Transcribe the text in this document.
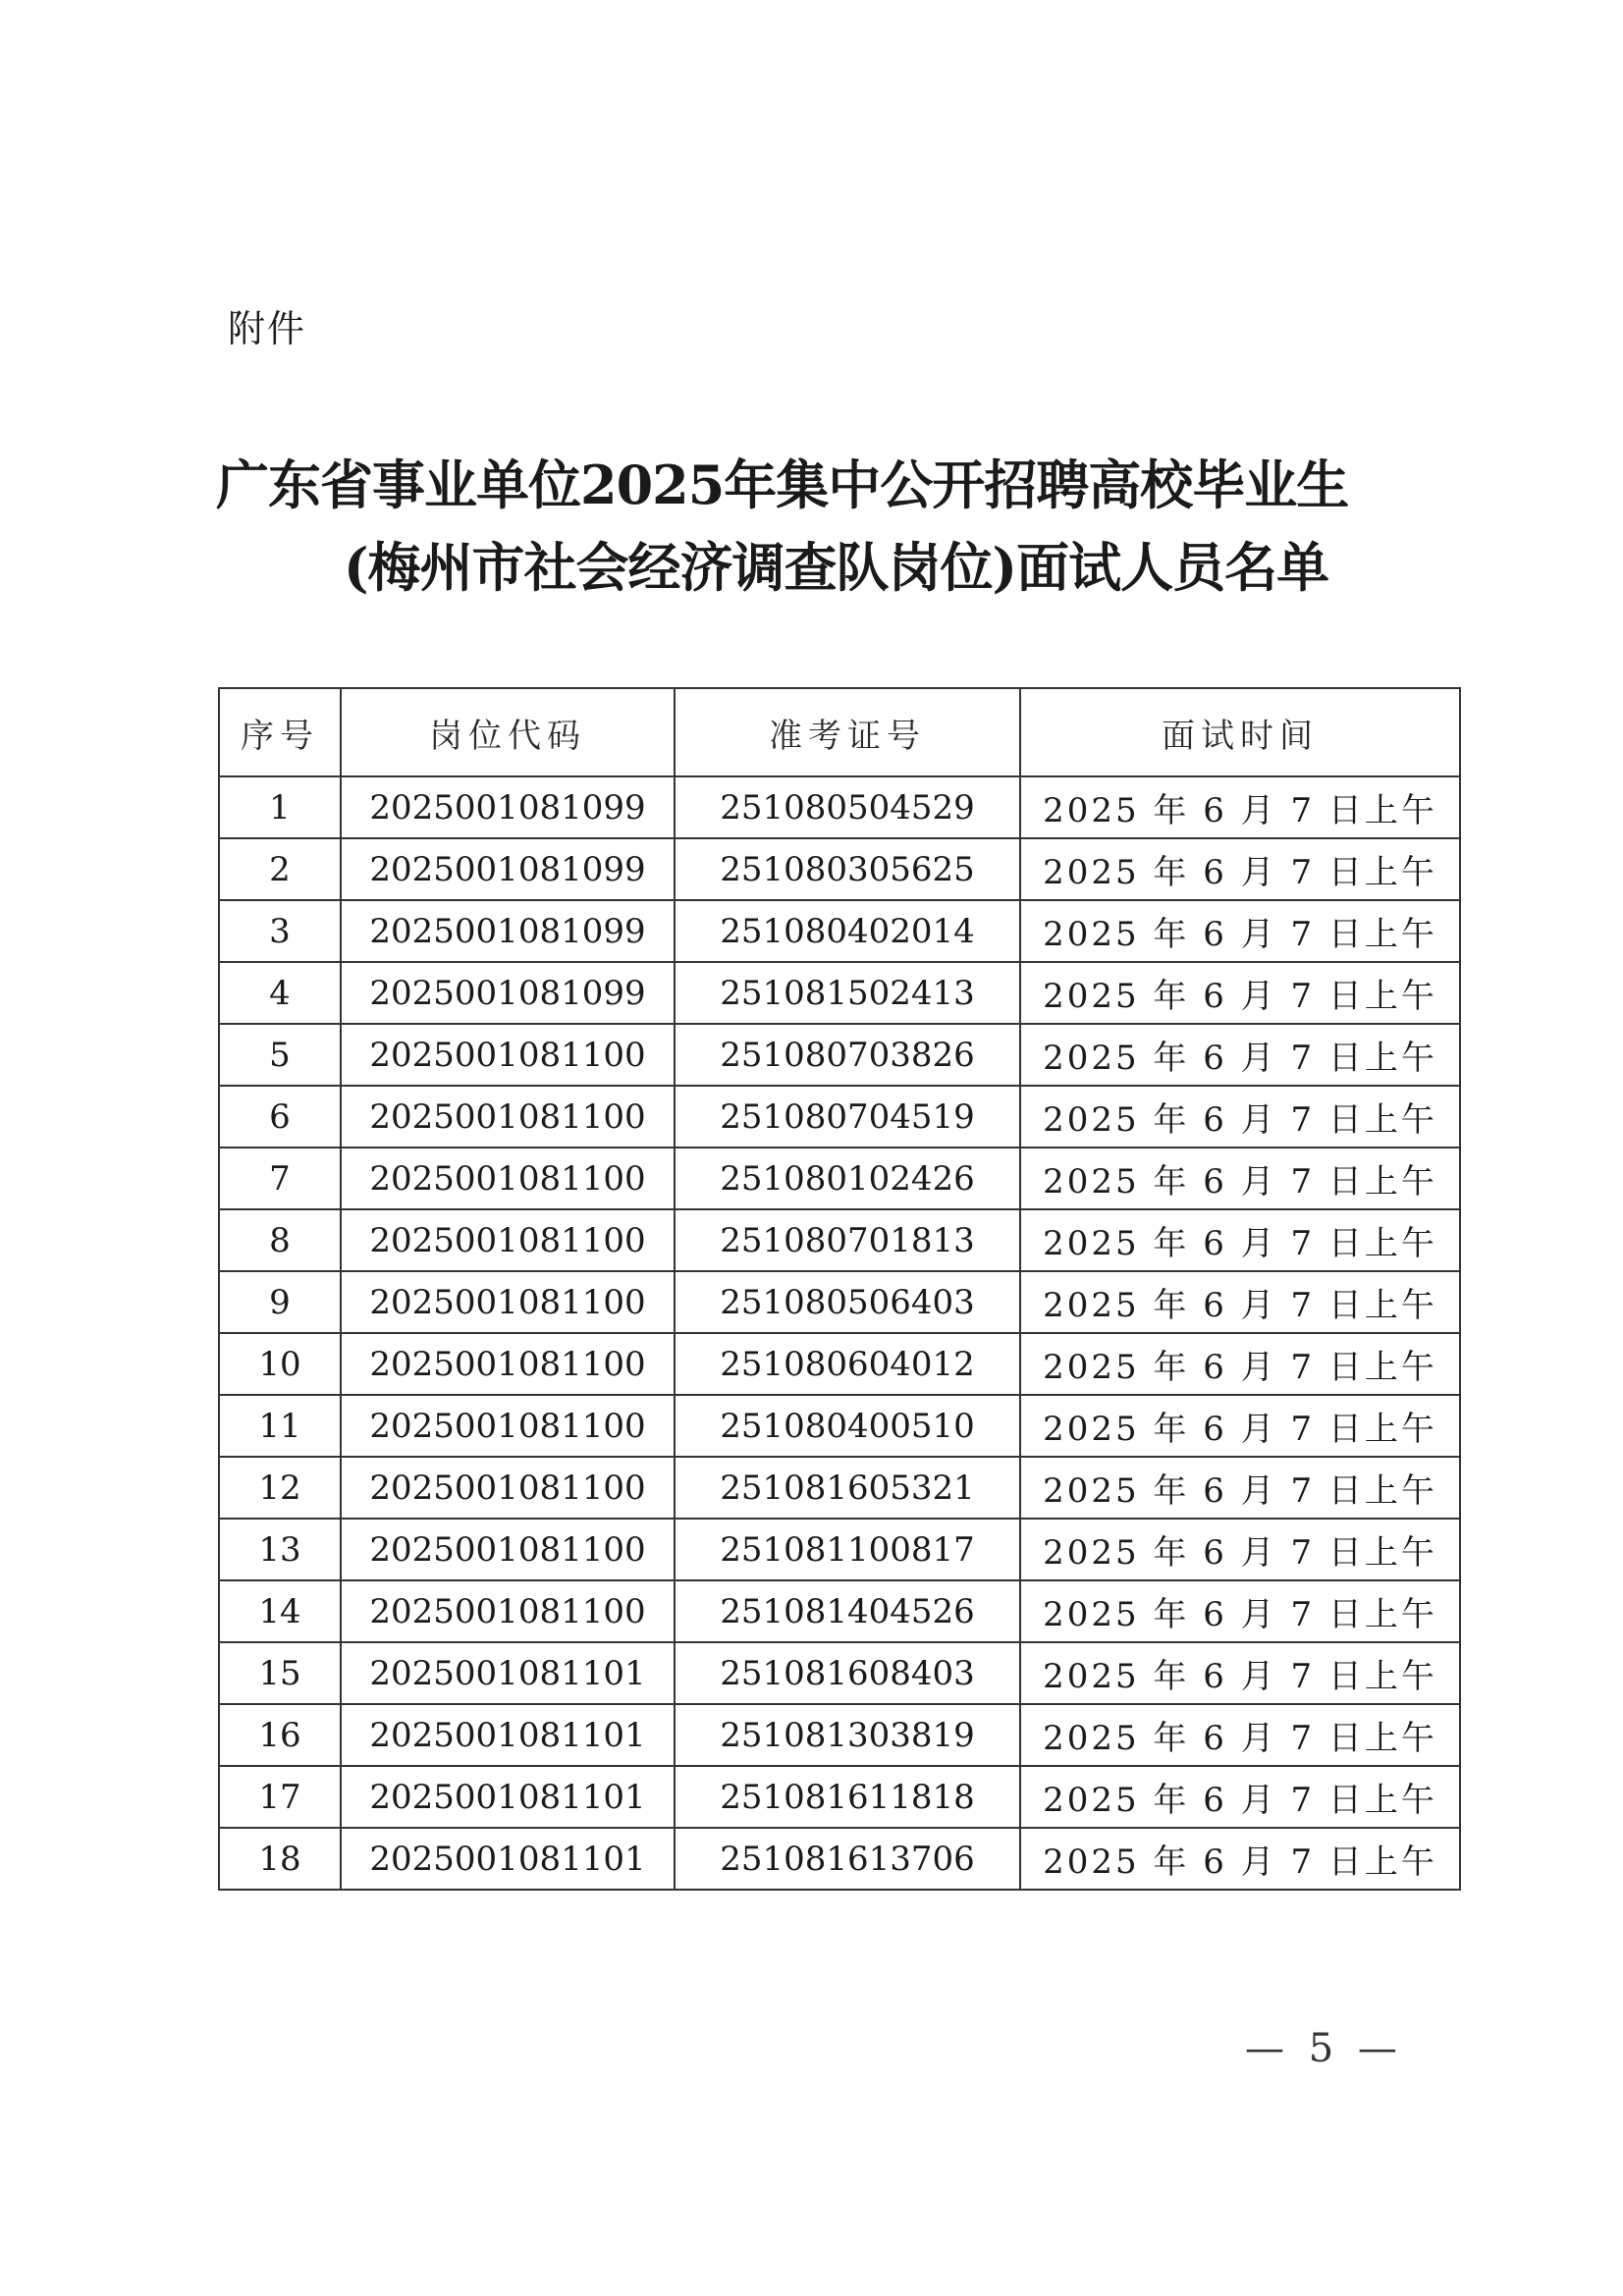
附件
广东省事业单位2025年集中公开招聘高校毕业生
(梅州市社会经济调查队岗位)面试人员名单
序号	岗位代码	准考证号	面试时间
1	2025001081099	251080504529	2025 年 6 月 7 日上午
2	2025001081099	251080305625	2025 年 6 月 7 日上午
3	2025001081099	251080402014	2025 年 6 月 7 日上午
4	2025001081099	251081502413	2025 年 6 月 7 日上午
5	2025001081100	251080703826	2025 年 6 月 7 日上午
6	2025001081100	251080704519	2025 年 6 月 7 日上午
7	2025001081100	251080102426	2025 年 6 月 7 日上午
8	2025001081100	251080701813	2025 年 6 月 7 日上午
9	2025001081100	251080506403	2025 年 6 月 7 日上午
10	2025001081100	251080604012	2025 年 6 月 7 日上午
11	2025001081100	251080400510	2025 年 6 月 7 日上午
12	2025001081100	251081605321	2025 年 6 月 7 日上午
13	2025001081100	251081100817	2025 年 6 月 7 日上午
14	2025001081100	251081404526	2025 年 6 月 7 日上午
15	2025001081101	251081608403	2025 年 6 月 7 日上午
16	2025001081101	251081303819	2025 年 6 月 7 日上午
17	2025001081101	251081611818	2025 年 6 月 7 日上午
18	2025001081101	251081613706	2025 年 6 月 7 日上午
— 5 —
